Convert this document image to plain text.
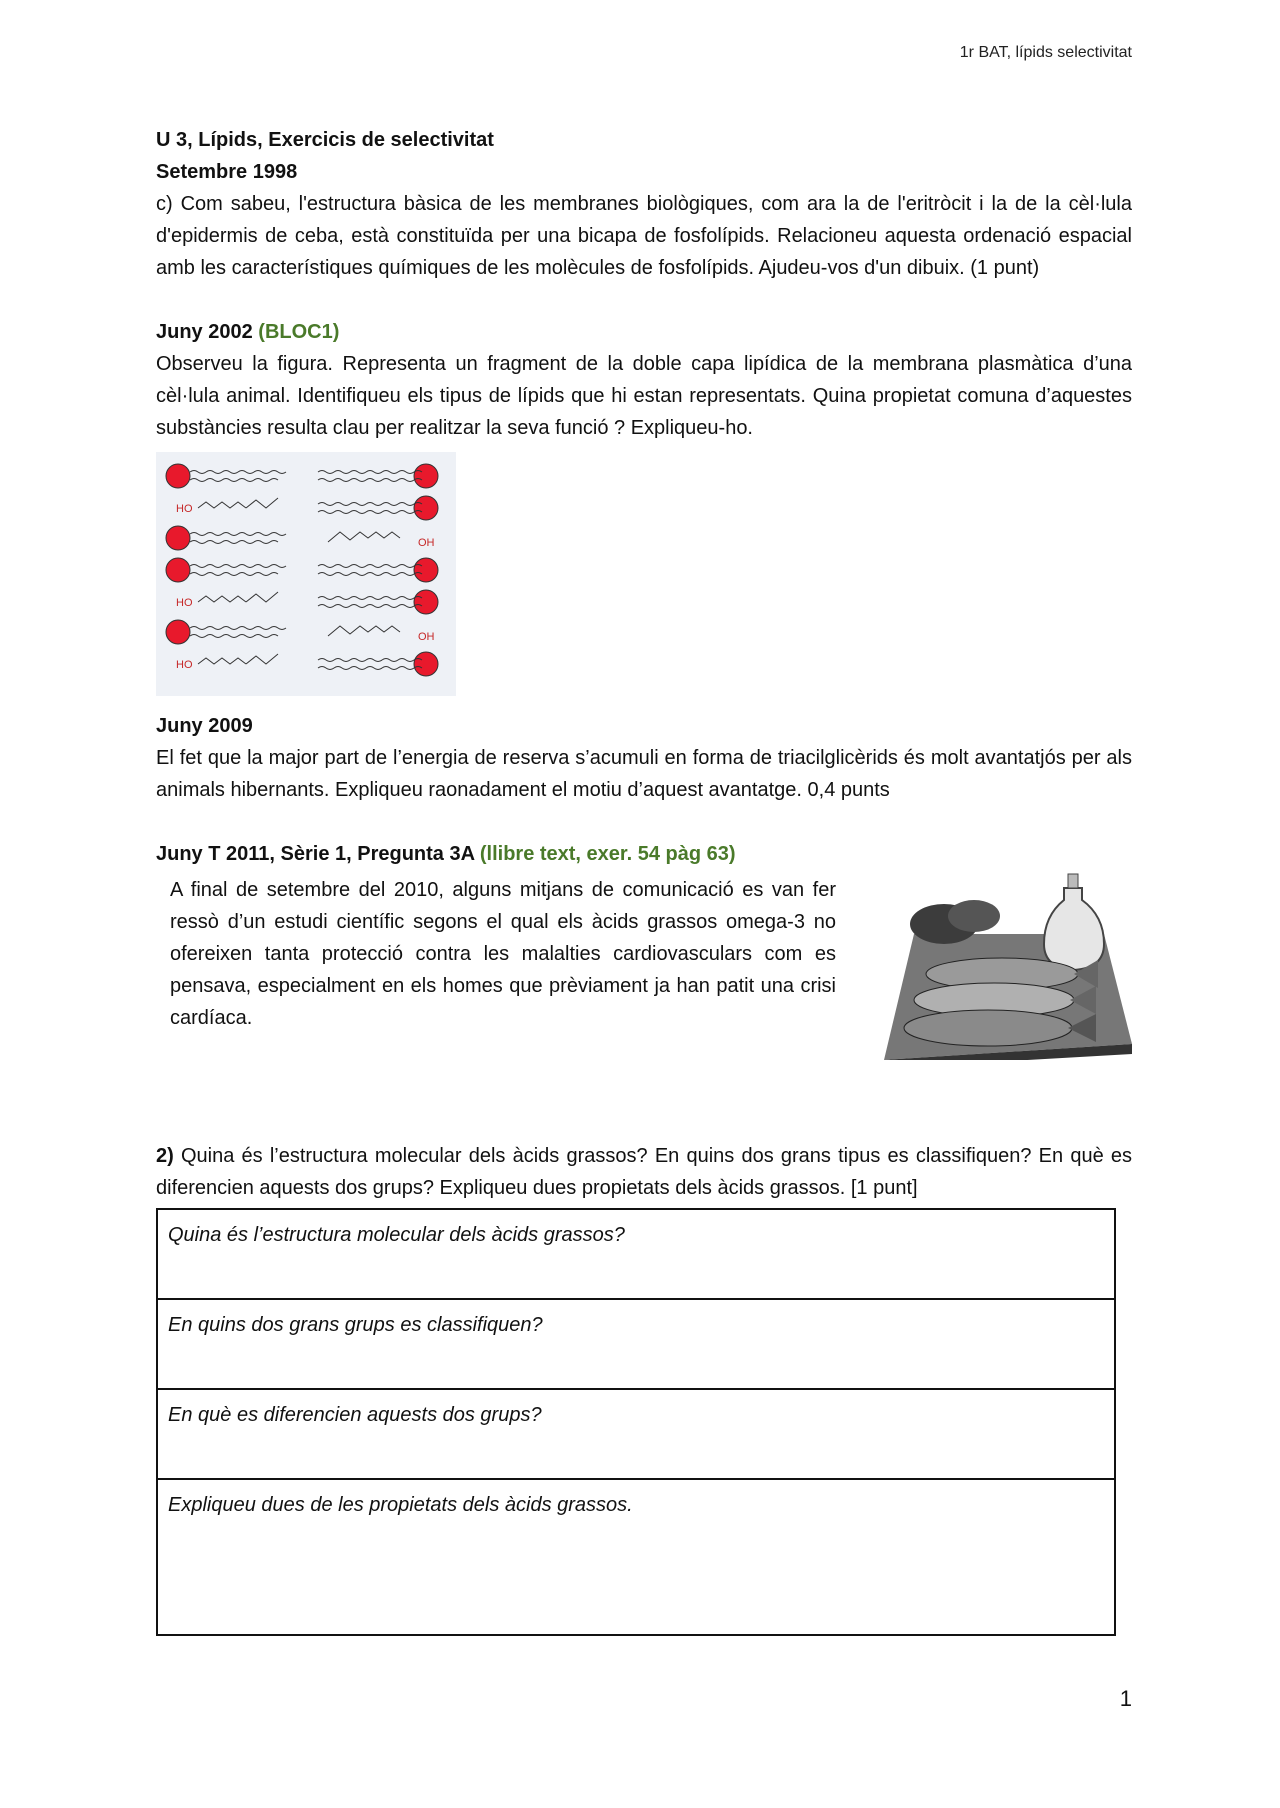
1r BAT, lípids selectivitat

U 3, Lípids, Exercicis de selectivitat

Setembre 1998

c) Com sabeu, l'estructura bàsica de les membranes biològiques, com ara la de l'eritròcit i la de la cèl·lula d'epidermis de ceba, està constituïda per una bicapa de fosfolípids. Relacioneu aquesta ordenació espacial amb les característiques químiques de les molècules de fosfolípids. Ajudeu-vos d'un dibuix. (1 punt)

Juny 2002 (BLOC1)

Observeu la figura. Representa un fragment de la doble capa lipídica de la membrana plasmàtica d’una cèl·lula animal. Identifiqueu els tipus de lípids que hi estan representats. Quina propietat comuna d’aquestes substàncies resulta clau per realitzar la seva funció ? Expliqueu-ho.

HO
HO
HO
OH
OH

Juny 2009

El fet que la major part de l’energia de reserva s’acumuli en forma de triacilglicèrids és molt avantatjós per als animals hibernants. Expliqueu raonadament el motiu d’aquest avantatge. 0,4 punts

Juny T 2011, Sèrie 1, Pregunta 3A (llibre text, exer. 54 pàg 63)

A final de setembre del 2010, alguns mitjans de comunicació es van fer ressò d’un estudi científic segons el qual els àcids grassos omega-3 no ofereixen tanta protecció contra les malalties cardiovasculars com es pensava, especialment en els homes que prèviament ja han patit una crisi cardíaca.

2) Quina és l’estructura molecular dels àcids grassos? En quins dos grans tipus es classifiquen? En què es diferencien aquests dos grups? Expliqueu dues propietats dels àcids grassos. [1 punt]

Quina és l’estructura molecular dels àcids grassos?
En quins dos grans grups es classifiquen?
En què es diferencien aquests dos grups?
Expliqueu dues de les propietats dels àcids grassos.
1
